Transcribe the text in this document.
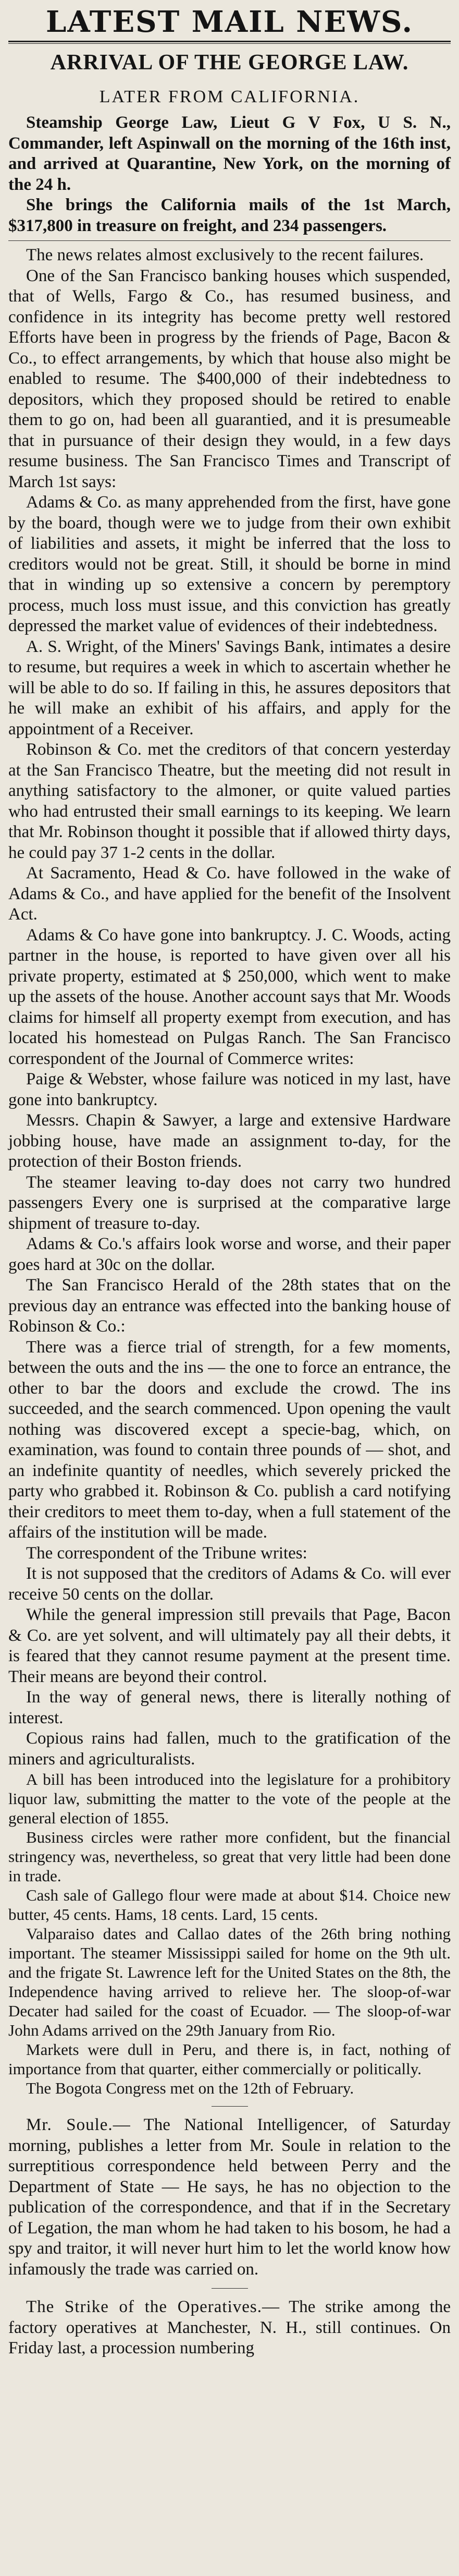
LATEST MAIL NEWS.
ARRIVAL OF THE GEORGE LAW.
LATER FROM CALIFORNIA.

Steamship George Law, Lieut G V Fox, U S. N., Commander, left Aspinwall on the morning of the 16th inst, and arrived at Quarantine, New York, on the morning of the 24 h.

She brings the California mails of the 1st March, $317,800 in treasure on freight, and 234 passengers.

The news relates almost exclusively to the recent failures.

One of the San Francisco banking houses which suspended, that of Wells, Fargo & Co., has resumed business, and confidence in its integrity has become pretty well restored Efforts have been in progress by the friends of Page, Bacon & Co., to effect arrangements, by which that house also might be enabled to resume. The $400,000 of their indebtedness to depositors, which they proposed should be retired to enable them to go on, had been all guarantied, and it is presumeable that in pursuance of their design they would, in a few days resume business. The San Francisco Times and Transcript of March 1st says:

Adams & Co. as many apprehended from the first, have gone by the board, though were we to judge from their own exhibit of liabilities and assets, it might be inferred that the loss to creditors would not be great. Still, it should be borne in mind that in winding up so extensive a concern by peremptory process, much loss must issue, and this conviction has greatly depressed the market value of evidences of their indebtedness.

A. S. Wright, of the Miners' Savings Bank, intimates a desire to resume, but requires a week in which to ascertain whether he will be able to do so. If failing in this, he assures depositors that he will make an exhibit of his affairs, and apply for the appointment of a Receiver.

Robinson & Co. met the creditors of that concern yesterday at the San Francisco Theatre, but the meeting did not result in anything satisfactory to the almoner, or quite valued parties who had entrusted their small earnings to its keeping. We learn that Mr. Robinson thought it possible that if allowed thirty days, he could pay 37 1-2 cents in the dollar.

At Sacramento, Head & Co. have followed in the wake of Adams & Co., and have applied for the benefit of the Insolvent Act.

Adams & Co have gone into bankruptcy. J. C. Woods, acting partner in the house, is reported to have given over all his private property, estimated at $ 250,000, which went to make up the assets of the house. Another account says that Mr. Woods claims for himself all property exempt from execution, and has located his homestead on Pulgas Ranch. The San Francisco correspondent of the Journal of Commerce writes:

Paige & Webster, whose failure was noticed in my last, have gone into bankruptcy.

Messrs. Chapin & Sawyer, a large and extensive Hardware jobbing house, have made an assignment to-day, for the protection of their Boston friends.

The steamer leaving to-day does not carry two hundred passengers Every one is surprised at the comparative large shipment of treasure to-day.

Adams & Co.'s affairs look worse and worse, and their paper goes hard at 30c on the dollar.

The San Francisco Herald of the 28th states that on the previous day an entrance was effected into the banking house of Robinson & Co.:

There was a fierce trial of strength, for a few moments, between the outs and the ins — the one to force an entrance, the other to bar the doors and exclude the crowd. The ins succeeded, and the search commenced. Upon opening the vault nothing was discovered except a specie-bag, which, on examination, was found to contain three pounds of — shot, and an indefinite quantity of needles, which severely pricked the party who grabbed it. Robinson & Co. publish a card notifying their creditors to meet them to-day, when a full statement of the affairs of the institution will be made.

The correspondent of the Tribune writes:

It is not supposed that the creditors of Adams & Co. will ever receive 50 cents on the dollar.

While the general impression still prevails that Page, Bacon & Co. are yet solvent, and will ultimately pay all their debts, it is feared that they cannot resume payment at the present time. Their means are beyond their control.

In the way of general news, there is literally nothing of interest.

Copious rains had fallen, much to the gratification of the miners and agriculturalists.

A bill has been introduced into the legislature for a prohibitory liquor law, submitting the matter to the vote of the people at the general election of 1855.

Business circles were rather more confident, but the financial stringency was, nevertheless, so great that very little had been done in trade.

Cash sale of Gallego flour were made at about $14. Choice new butter, 45 cents. Hams, 18 cents. Lard, 15 cents.

Valparaiso dates and Callao dates of the 26th bring nothing important. The steamer Mississippi sailed for home on the 9th ult. and the frigate St. Lawrence left for the United States on the 8th, the Independence having arrived to relieve her. The sloop-of-war Decater had sailed for the coast of Ecuador. — The sloop-of-war John Adams arrived on the 29th January from Rio.

Markets were dull in Peru, and there is, in fact, nothing of importance from that quarter, either commercially or politically.

The Bogota Congress met on the 12th of February.

Mr. Soule.— The National Intelligencer, of Saturday morning, publishes a letter from Mr. Soule in relation to the surreptitious correspondence held between Perry and the Department of State — He says, he has no objection to the publication of the correspondence, and that if in the Secretary of Legation, the man whom he had taken to his bosom, he had a spy and traitor, it will never hurt him to let the world know how infamously the trade was carried on.

The Strike of the Operatives.— The strike among the factory operatives at Manchester, N. H., still continues. On Friday last, a procession numbering
